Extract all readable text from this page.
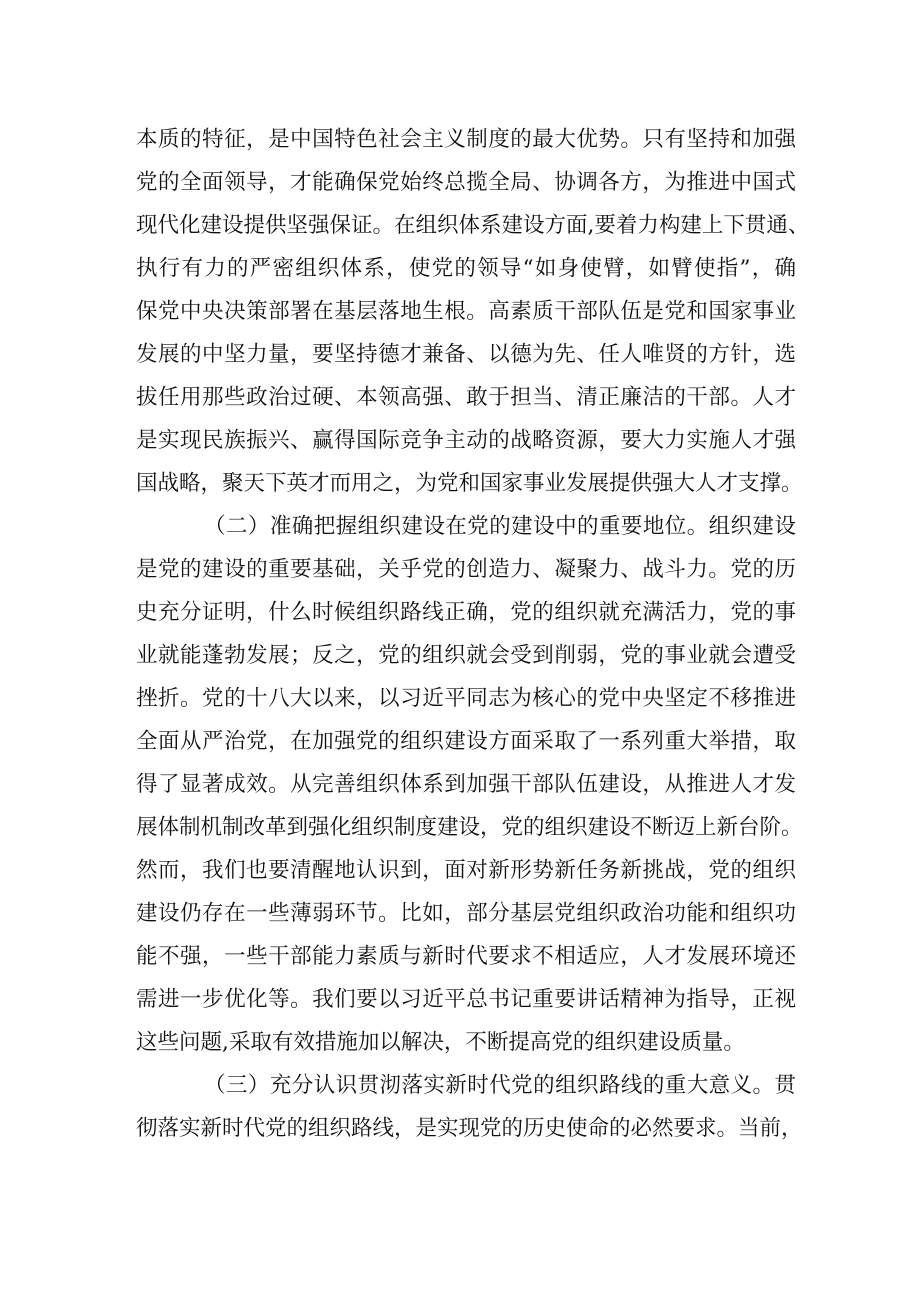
本质的特征，是中国特色社会主义制度的最大优势。只有坚持和加强
党的全面领导，才能确保党始终总揽全局、协调各方，为推进中国式
现代化建设提供坚强保证。在组织体系建设方面,要着力构建上下贯通、
执行有力的严密组织体系，使党的领导“如身使臂，如臂使指”，确
保党中央决策部署在基层落地生根。高素质干部队伍是党和国家事业
发展的中坚力量，要坚持德才兼备、以德为先、任人唯贤的方针，选
拔任用那些政治过硬、本领高强、敢于担当、清正廉洁的干部。人才
是实现民族振兴、赢得国际竞争主动的战略资源，要大力实施人才强
国战略，聚天下英才而用之，为党和国家事业发展提供强大人才支撑。
（二）准确把握组织建设在党的建设中的重要地位。组织建设
是党的建设的重要基础，关乎党的创造力、凝聚力、战斗力。党的历
史充分证明，什么时候组织路线正确，党的组织就充满活力，党的事
业就能蓬勃发展；反之，党的组织就会受到削弱，党的事业就会遭受
挫折。党的十八大以来，以习近平同志为核心的党中央坚定不移推进
全面从严治党，在加强党的组织建设方面采取了一系列重大举措，取
得了显著成效。从完善组织体系到加强干部队伍建设，从推进人才发
展体制机制改革到强化组织制度建设，党的组织建设不断迈上新台阶。
然而，我们也要清醒地认识到，面对新形势新任务新挑战，党的组织
建设仍存在一些薄弱环节。比如，部分基层党组织政治功能和组织功
能不强，一些干部能力素质与新时代要求不相适应，人才发展环境还
需进一步优化等。我们要以习近平总书记重要讲话精神为指导，正视
这些问题,采取有效措施加以解决，不断提高党的组织建设质量。
（三）充分认识贯沏落实新时代党的组织路线的重大意义。贯
彻落实新时代党的组织路线，是实现党的历史使命的必然要求。当前，
